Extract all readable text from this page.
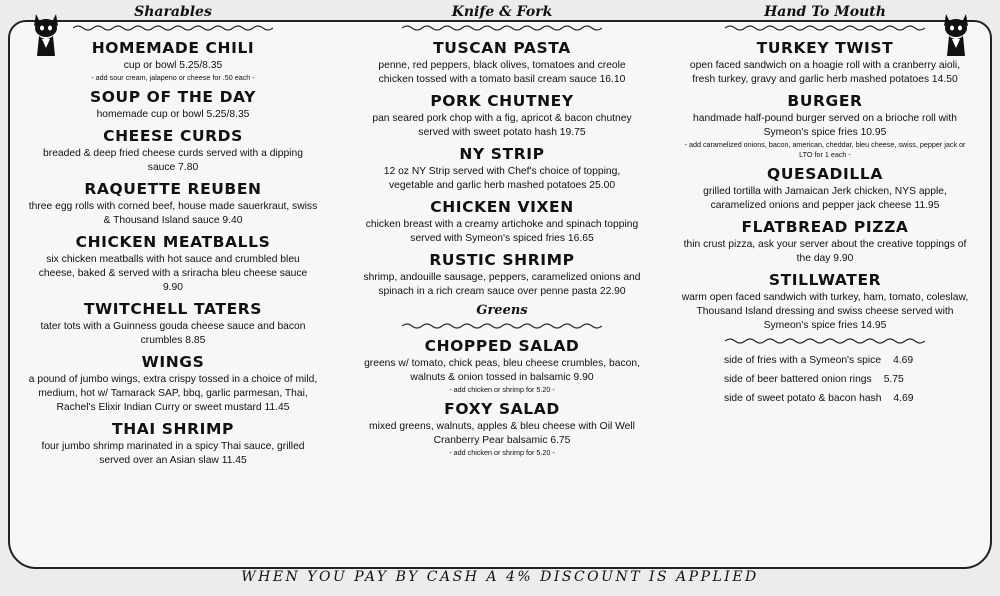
Sharables
HOMEMADE CHILI
cup or bowl 5.25/8.35
- add sour cream, jalapeno or cheese for .50 each -
SOUP OF THE DAY
homemade cup or bowl 5.25/8.35
CHEESE CURDS
breaded & deep fried cheese curds served with a dipping sauce 7.80
RAQUETTE REUBEN
three egg rolls with corned beef, house made sauerkraut, swiss & Thousand Island sauce 9.40
CHICKEN MEATBALLS
six chicken meatballs with hot sauce and crumbled bleu cheese, baked & served with a sriracha bleu cheese sauce 9.90
TWITCHELL TATERS
tater tots with a Guinness gouda cheese sauce and bacon crumbles 8.85
WINGS
a pound of jumbo wings, extra crispy tossed in a choice of mild, medium, hot w/ Tamarack SAP, bbq, garlic parmesan, Thai, Rachel's Elixir Indian Curry or sweet mustard 11.45
THAI SHRIMP
four jumbo shrimp marinated in a spicy Thai sauce, grilled served over an Asian slaw 11.45
Knife & Fork
TUSCAN PASTA
penne, red peppers, black olives, tomatoes and creole chicken tossed with a tomato basil cream sauce 16.10
PORK CHUTNEY
pan seared pork chop with a fig, apricot & bacon chutney served with sweet potato hash 19.75
NY STRIP
12 oz NY Strip served with Chef's choice of topping, vegetable and garlic herb mashed potatoes 25.00
CHICKEN VIXEN
chicken breast with a creamy artichoke and spinach topping served with Symeon's spiced fries 16.65
RUSTIC SHRIMP
shrimp, andouille sausage, peppers, caramelized onions and spinach in a rich cream sauce over penne pasta 22.90
Greens
CHOPPED SALAD
greens w/ tomato, chick peas, bleu cheese crumbles, bacon, walnuts & onion tossed in balsamic 9.90
- add chicken or shrimp for 5.20 -
FOXY SALAD
mixed greens, walnuts, apples & bleu cheese with Oil Well Cranberry Pear balsamic 6.75
- add chicken or shrimp for 5.20 -
Hand To Mouth
TURKEY TWIST
open faced sandwich on a hoagie roll with a cranberry aioli, fresh turkey, gravy and garlic herb mashed potatoes 14.50
BURGER
handmade half-pound burger served on a brioche roll with Symeon's spice fries 10.95
- add caramelized onions, bacon, american, cheddar, bleu cheese, swiss, pepper jack or LTO for 1 each -
QUESADILLA
grilled tortilla with Jamaican Jerk chicken, NYS apple, caramelized onions and pepper jack cheese 11.95
FLATBREAD PIZZA
thin crust pizza, ask your server about the creative toppings of the day 9.90
STILLWATER
warm open faced sandwich with turkey, ham, tomato, coleslaw, Thousand Island dressing and swiss cheese served with Symeon's spice fries 14.95
side of fries with a Symeon's spice 4.69
side of beer battered onion rings 5.75
side of sweet potato & bacon hash 4.69
WHEN YOU PAY BY CASH A 4% DISCOUNT IS APPLIED
